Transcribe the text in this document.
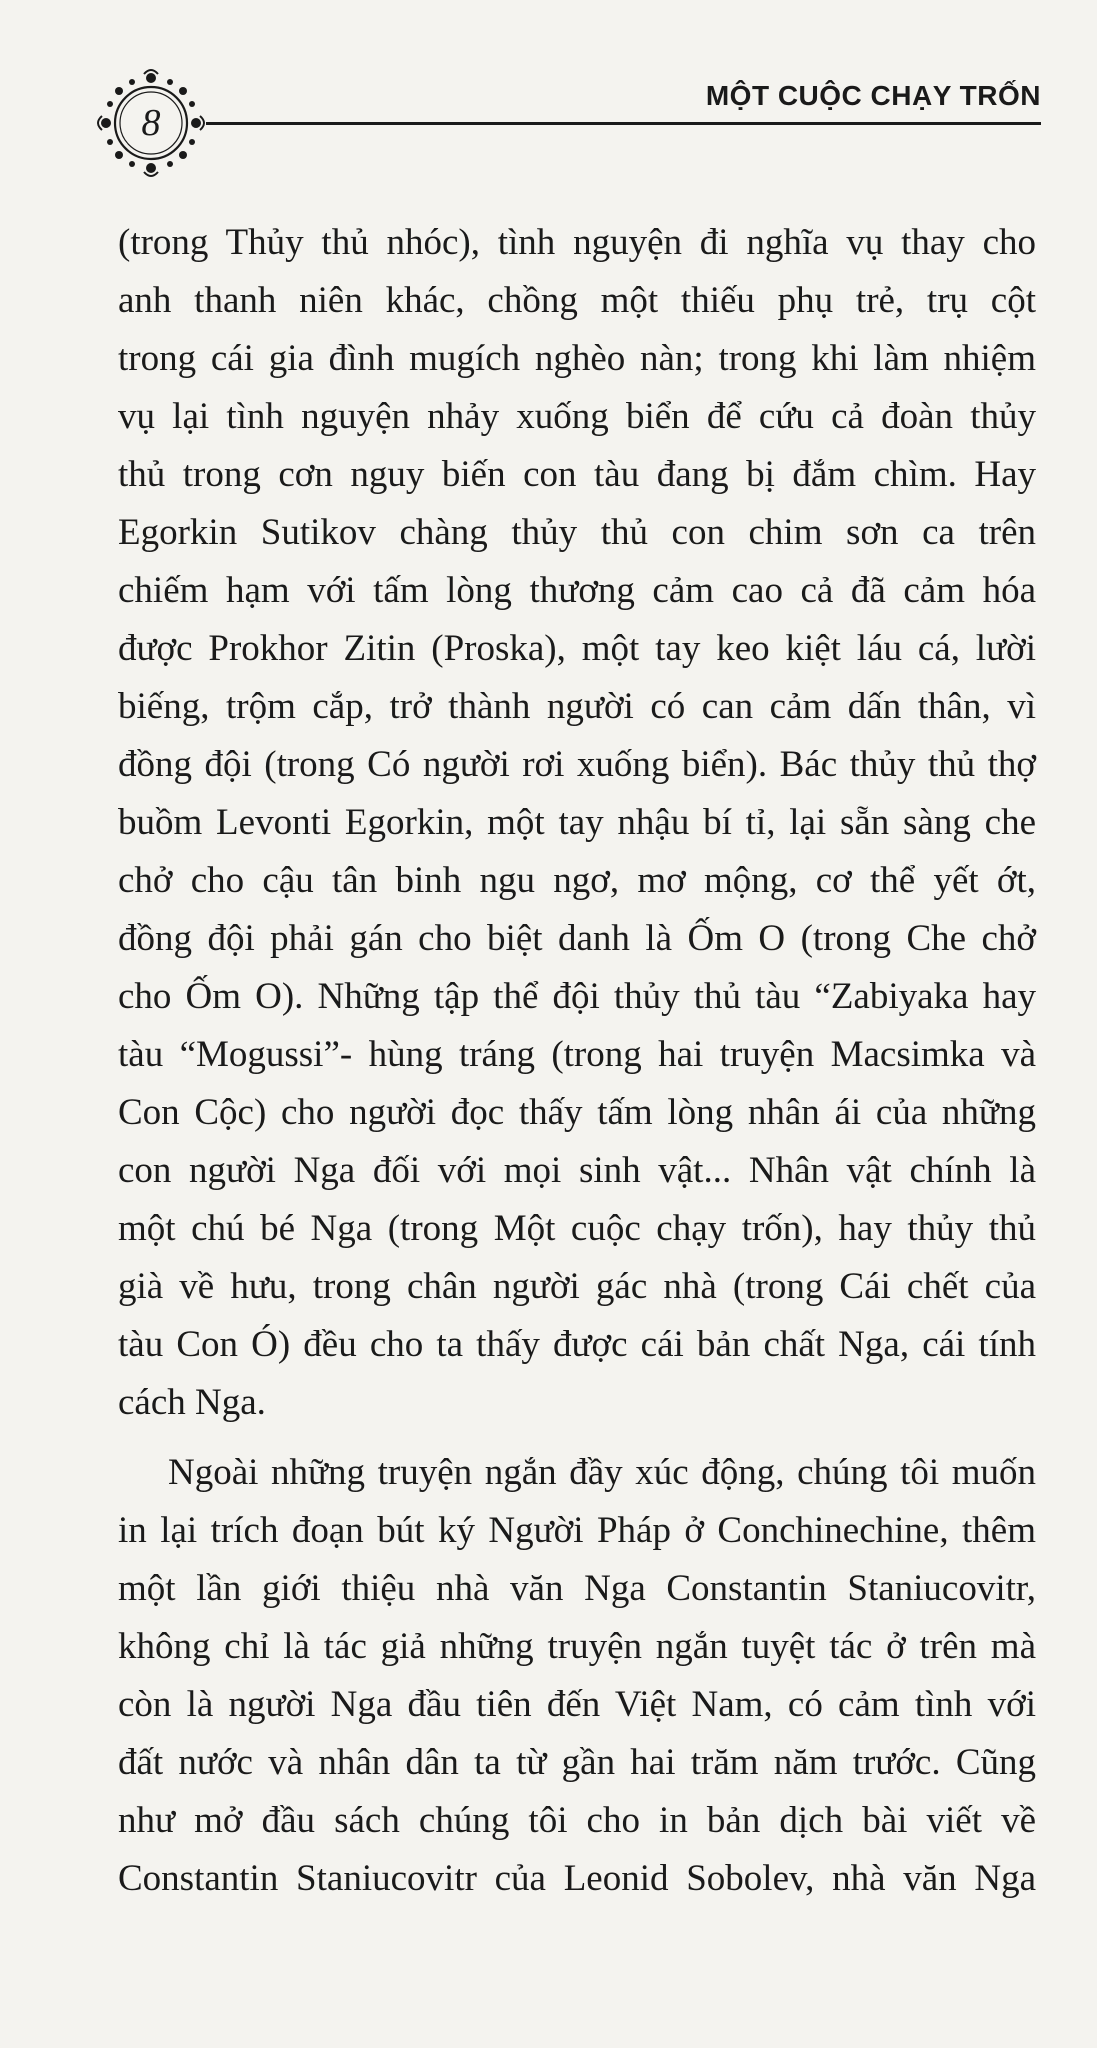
8
MỘT CUỘC CHẠY TRỐN
(trong Thủy thủ nhóc), tình nguyện đi nghĩa vụ thay cho
anh thanh niên khác, chồng một thiếu phụ trẻ, trụ cột
trong cái gia đình mugích nghèo nàn; trong khi làm nhiệm
vụ lại tình nguyện nhảy xuống biển để cứu cả đoàn thủy
thủ trong cơn nguy biến con tàu đang bị đắm chìm. Hay
Egorkin Sutikov chàng thủy thủ con chim sơn ca trên
chiếm hạm với tấm lòng thương cảm cao cả đã cảm hóa
được Prokhor Zitin (Proska), một tay keo kiệt láu cá, lười
biếng, trộm cắp, trở thành người có can cảm dấn thân, vì
đồng đội (trong Có người rơi xuống biển). Bác thủy thủ thợ
buồm Levonti Egorkin, một tay nhậu bí tỉ, lại sẵn sàng che
chở cho cậu tân binh ngu ngơ, mơ mộng, cơ thể yết ớt,
đồng đội phải gán cho biệt danh là Ốm O (trong Che chở
cho Ốm O). Những tập thể đội thủy thủ tàu “Zabiyaka hay
tàu “Mogussi”- hùng tráng (trong hai truyện Macsimka và
Con Cộc) cho người đọc thấy tấm lòng nhân ái của những
con người Nga đối với mọi sinh vật... Nhân vật chính là
một chú bé Nga (trong Một cuộc chạy trốn), hay thủy thủ
già về hưu, trong chân người gác nhà (trong Cái chết của
tàu Con Ó) đều cho ta thấy được cái bản chất Nga, cái tính
cách Nga.
Ngoài những truyện ngắn đầy xúc động, chúng tôi muốn
in lại trích đoạn bút ký Người Pháp ở Conchinechine, thêm
một lần giới thiệu nhà văn Nga Constantin Staniucovitr,
không chỉ là tác giả những truyện ngắn tuyệt tác ở trên mà
còn là người Nga đầu tiên đến Việt Nam, có cảm tình với
đất nước và nhân dân ta từ gần hai trăm năm trước. Cũng
như mở đầu sách chúng tôi cho in bản dịch bài viết về
Constantin Staniucovitr của Leonid Sobolev, nhà văn Nga
